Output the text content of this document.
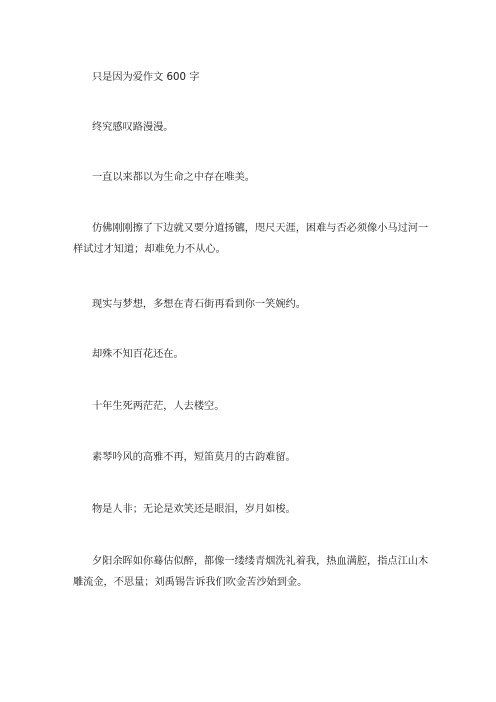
只是因为爱作文 600 字

终究感叹路漫漫。

一直以来都以为生命之中存在唯美。

仿佛刚刚擦了下边就又要分道扬镳，咫尺天涯，困难与否必须像小马过河一样试过才知道；却难免力不从心。

现实与梦想，多想在青石街再看到你一笑婉约。

却殊不知百花还在。

十年生死两茫茫，人去楼空。

素琴吟风的高雅不再，短笛莫月的古韵难留。

物是人非；无论是欢笑还是眼泪，岁月如梭。

夕阳余晖如你蓦估似醉，都像一缕缕青烟洗礼着我，热血满腔，指点江山木雕流金，不思量；刘禹锡告诉我们吹金苦沙始到金。
